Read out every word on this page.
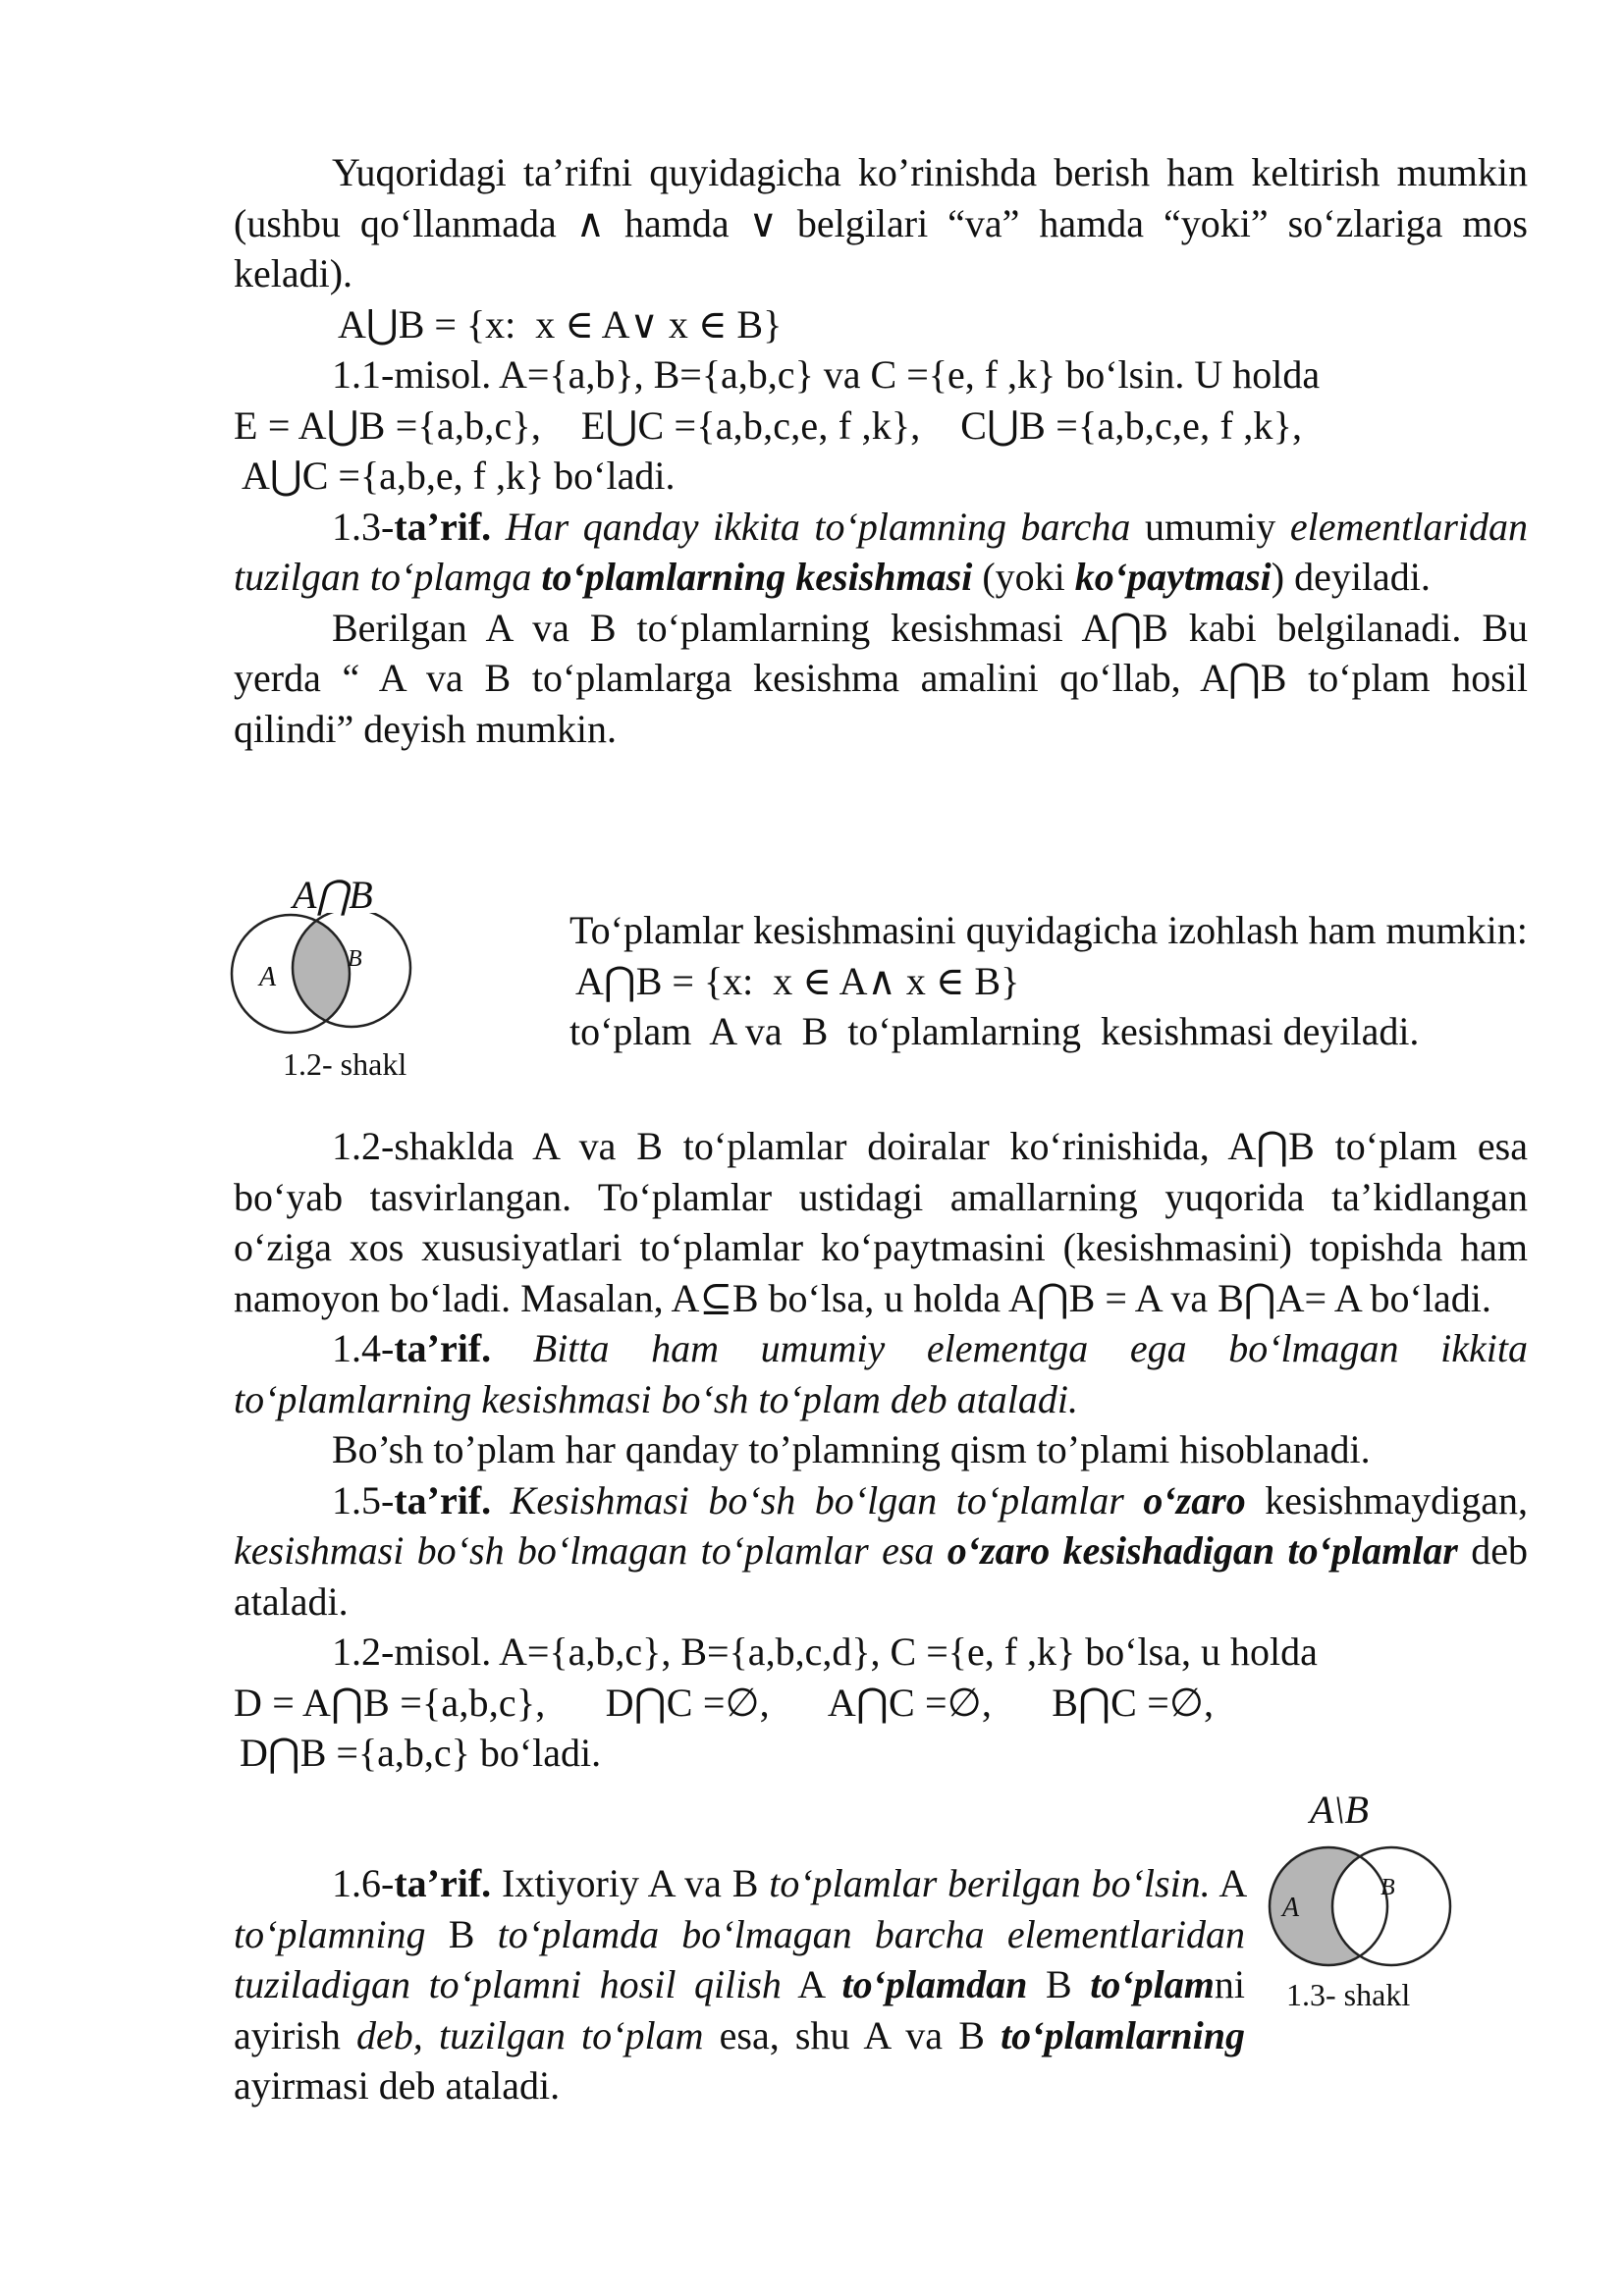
Yuqoridagi ta’rifni quyidagicha ko’rinishda berish ham keltirish mumkin (ushbu qo‘llanmada ∧ hamda ∨ belgilari “va” hamda “yoki” so‘zlariga mos keladi).

A⋃B = {x:  x ∈ A∨ x ∈ B}

1.1-misol. A={a,b}, B={a,b,c} va C ={e, f ,k} bo‘lsin. U holda

E = A⋃B ={a,b,c},    E⋃C ={a,b,c,e, f ,k},    C⋃B ={a,b,c,e, f ,k},

A⋃C ={a,b,e, f ,k} bo‘ladi.

1.3-ta’rif. Har qanday ikkita to‘plamning barcha umumiy elementlaridan tuzilgan to‘plamga to‘plamlarning kesishmasi (yoki ko‘paytmasi) deyiladi.

Berilgan A va B to‘plamlarning kesishmasi A⋂B kabi belgilanadi. Bu yerda “ A va B to‘plamlarga kesishma amalini qo‘llab, A⋂B to‘plam hosil qilindi” deyish mumkin.

A⋂B
A
B
1.2- shakl

To‘plamlar kesishmasini quyidagicha izohlash ham mumkin:

A⋂B = {x:  x ∈ A∧ x ∈ B}

to‘plam  A va  B  to‘plamlarning  kesishmasi deyiladi.

1.2-shaklda A va B to‘plamlar doiralar ko‘rinishida, A⋂B to‘plam esa bo‘yab tasvirlangan. To‘plamlar ustidagi amallarning yuqorida ta’kidlangan o‘ziga xos xususiyatlari to‘plamlar ko‘paytmasini (kesishmasini) topishda ham namoyon bo‘ladi. Masalan, A⊆B bo‘lsa, u holda A⋂B = A va B⋂A= A bo‘ladi.

1.4-ta’rif. Bitta ham umumiy elementga ega bo‘lmagan ikkita to‘plamlarning kesishmasi bo‘sh to‘plam deb ataladi.

Bo’sh to’plam har qanday to’plamning qism to’plami hisoblanadi.

1.5-ta’rif. Kesishmasi bo‘sh bo‘lgan to‘plamlar o‘zaro kesishmaydigan, kesishmasi bo‘sh bo‘lmagan to‘plamlar esa o‘zaro kesishadigan to‘plamlar deb ataladi.

1.2-misol. A={a,b,c}, B={a,b,c,d}, C ={e, f ,k} bo‘lsa, u holda

D = A⋂B ={a,b,c},      D⋂C =∅,      A⋂C =∅,      B⋂C =∅,

D⋂B ={a,b,c} bo‘ladi.

A\B
A
B
1.3- shakl

1.6-ta’rif. Ixtiyoriy A va B to‘plamlar berilgan bo‘lsin. A to‘plamning B to‘plamda bo‘lmagan barcha elementlaridan tuziladigan to‘plamni hosil qilish A to‘plamdan B to‘plamni ayirish deb, tuzilgan to‘plam esa, shu A va B to‘plamlarning ayirmasi deb ataladi.
